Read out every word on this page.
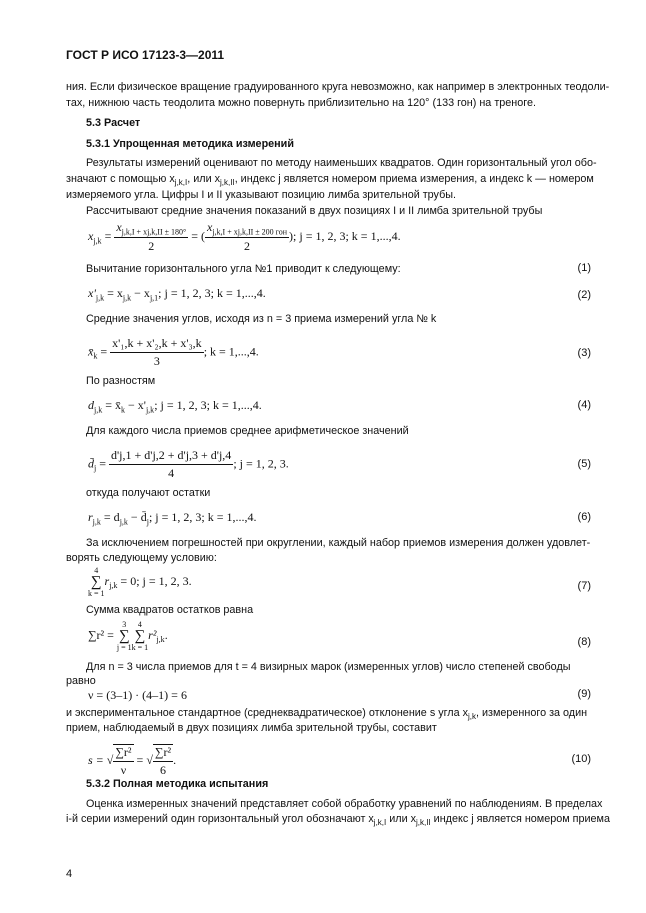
ГОСТ Р ИСО 17123-3—2011
ния. Если физическое вращение градуированного круга невозможно, как например в электронных теодоли-
тах, нижнюю часть теодолита можно повернуть приблизительно на 120° (133 гон) на треноге.
5.3 Расчет
5.3.1 Упрощенная методика измерений
Результаты измерений оценивают по методу наименьших квадратов. Один горизонтальный угол обо-
значают с помощью $x_{j,k,I}$, или $x_{j,k,II}$, индекс j является номером приема измерения, а индекс k — номером
измеряемого угла. Цифры I и II указывают позицию лимба зрительной трубы.
Рассчитывают средние значения показаний в двух позициях I и II лимба зрительной трубы
$x_{j,k} = \frac{x_{j,k,I + xj,k,II \pm 180^\circ}}{2}$ = ( $\frac{x_{j,k,I + xj,k,II \pm 200 гон}}{2}$ ); j = 1, 2, 3; k = 1,...,4.
(1)
Вычитание горизонтального угла №1 приводит к следующему:
$x'_{j,k} = x_{j,k} - x_{j,1}$; j = 1, 2, 3; k = 1,...,4.	(2)
Средние значения углов, исходя из n = 3 приема измерений угла № k
$x̄_k = \frac{\text{x'₁,k + x'₂,k + x'₃,k}}{3}$ ; k = 1,...,4.	(3)
По разностям
$d_{j,k}$ = $x̄_k - x'_{j,k}$; j = 1, 2, 3; k = 1,...,4.	(4)
Для каждого числа приемов среднее арифметическое значений
$d̄_j = \frac{d'j,1 + d'j,2 + d'j,3 + d'j,4}{4}$ ; j = 1, 2, 3.	(5)
откуда получают остатки
$r_{j,k} = d_{j,k}$ − $d̄_j$; j = 1, 2, 3; k = 1,...,4.	(6)
За исключением погрешностей при округлении, каждый набор приемов измерения должен удовлет-
ворять следующему условию:
4
∑
k = 1
$r_{j,k} = 0$; j = 1, 2, 3.	(7)
Сумма квадратов остатков равна
∑r² =
3
∑
j = 1
4
∑
k = 1
$r^2_{j,k}$.
(8)
Для n = 3 числа приемов для t = 4 визирных марок (измеренных углов) число степеней свободы
равно
ν = (3–1) · (4–1) = 6	(9)
и экспериментальное стандартное (среднеквадратическое) отклонение s угла $x_{j,k}$, измеренного за один
прием, наблюдаемый в двух позициях лимба зрительной трубы, составит
s = √ $\frac{\text{∑r²}}{\nu}$ = √ $\frac{\text{∑r²}}{6}$ .	(10)
5.3.2 Полная методика испытания
Оценка измеренных значений представляет собой обработку уравнений по наблюдениям. В пределах
i-й серии измерений один горизонтальный угол обозначают $x_{j,k,I}$ или $x_{j,k,II}$ индекс j является номером приема
4
